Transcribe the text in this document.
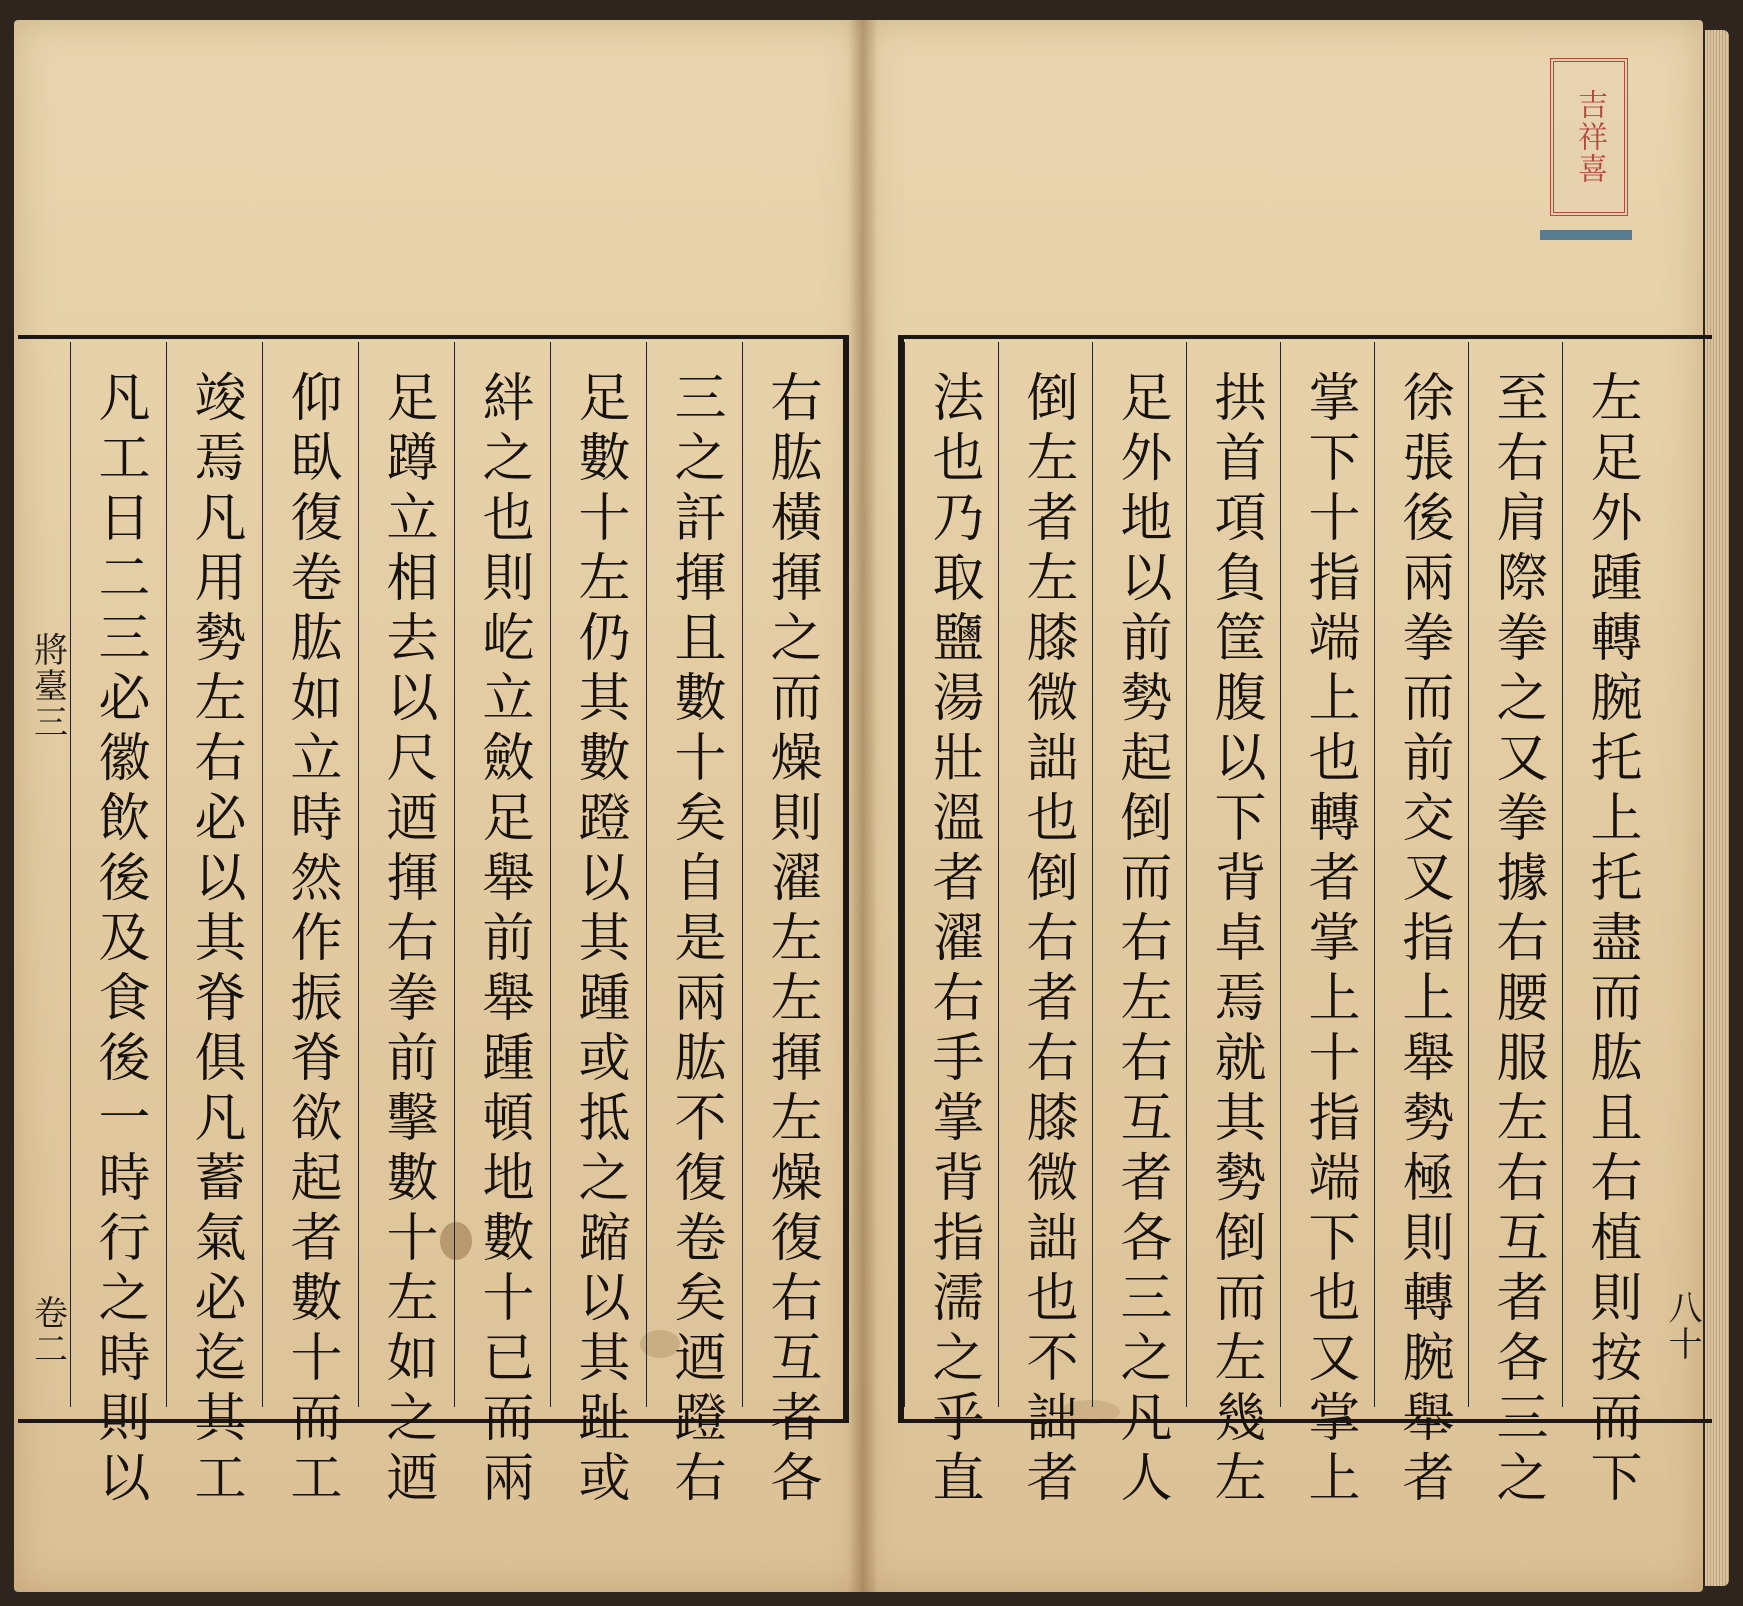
將臺三
卷二 凡工日二三必徽飲後及食後一時行之時則以 竣焉凡用勢左右必以其脊俱凡蓄氣必迄其工 仰臥復卷肱如立時然作振脊欲起者數十而工 足蹲立相去以尺迺揮右拳前擊數十左如之迺 絆之也則屹立斂足舉前舉踵頓地數十已而兩 足數十左仍其數蹬以其踵或抵之蹜以其趾或 三之訐揮且數十矣自是兩肱不復卷矣迺蹬右 右肱橫揮之而燥則濯左左揮左燥復右互者各 法也乃取鹽湯壯溫者濯右手掌背指濡之乎直 倒左者左膝微詘也倒右者右膝微詘也不詘者 足外地以前勢起倒而右左右互者各三之凡人 拱首項負筐腹以下背卓焉就其勢倒而左幾左 掌下十指端上也轉者掌上十指端下也又掌上 徐張後兩拳而前交叉指上舉勢極則轉腕舉者 至右肩際拳之又拳據右腰服左右互者各三之 左足外踵轉腕托上托盡而肱且右植則按而下 八十
吉祥喜
